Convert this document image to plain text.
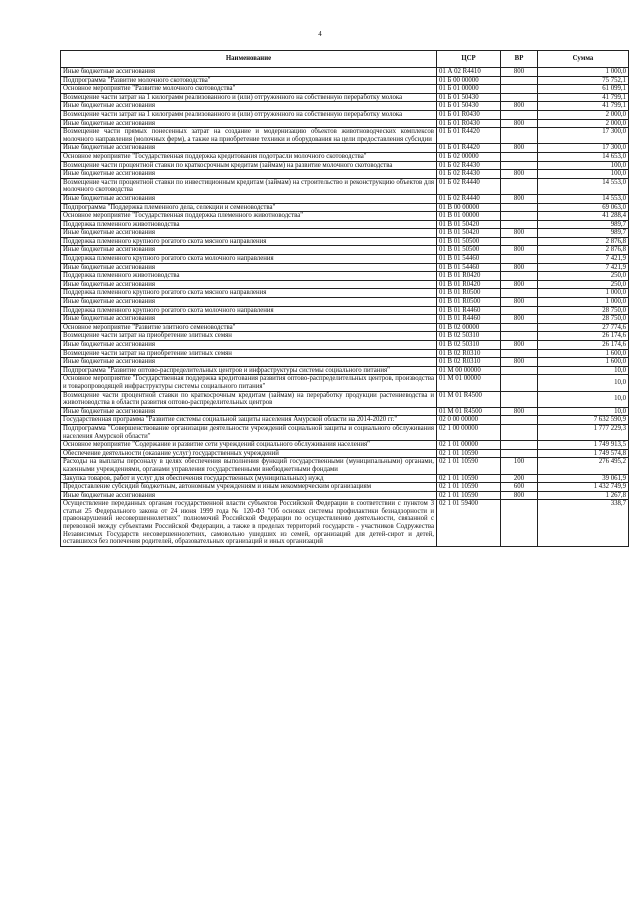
4
Наименование	ЦСР	ВР	Сумма
Иные бюджетные ассигнования	01 А 02 R4410	800	1 000,0
Подпрограмма "Развитие молочного скотоводства"	01 Б 00 00000		75 752,1
Основное мероприятие "Развитие молочного скотоводства"	01 Б 01 00000		61 099,1
Возмещение части затрат на 1 килограмм реализованного и (или) отгруженного на собственную переработку молока	01 Б 01 50430		41 799,1
Иные бюджетные ассигнования	01 Б 01 50430	800	41 799,1
Возмещение части затрат на 1 килограмм реализованного и (или) отгруженного на собственную переработку молока	01 Б 01 R0430		2 000,0
Иные бюджетные ассигнования	01 Б 01 R0430	800	2 000,0
Возмещение части прямых понесенных затрат на создание и модернизацию объектов животноводческих комплексов молочного направления (молочных ферм), а также на приобретение техники и оборудования на цели предоставления субсидии	01 Б 01 R4420		17 300,0
Иные бюджетные ассигнования	01 Б 01 R4420	800	17 300,0
Основное мероприятие "Государственная поддержка кредитования подотрасли молочного скотоводства"	01 Б 02 00000		14 653,0
Возмещение части процентной ставки по краткосрочным кредитам (займам) на развитие молочного скотоводства	01 Б 02 R4430		100,0
Иные бюджетные ассигнования	01 Б 02 R4430	800	100,0
Возмещение части процентной ставки по инвестиционным кредитам (займам) на строительство и реконструкцию объектов для молочного скотоводства	01 Б 02 R4440		14 553,0
Иные бюджетные ассигнования	01 Б 02 R4440	800	14 553,0
Подпрограмма "Поддержка племенного дела, селекции и семеноводства"	01 В 00 00000		69 063,0
Основное мероприятие "Государственная поддержка племенного животноводства"	01 В 01 00000		41 288,4
Поддержка племенного животноводства	01 В 01 50420		989,7
Иные бюджетные ассигнования	01 В 01 50420	800	989,7
Поддержка племенного крупного рогатого скота мясного направления	01 В 01 50500		2 876,8
Иные бюджетные ассигнования	01 В 01 50500	800	2 876,8
Поддержка племенного крупного рогатого скота молочного направления	01 В 01 54460		7 421,9
Иные бюджетные ассигнования	01 В 01 54460	800	7 421,9
Поддержка племенного животноводства	01 В 01 R0420		250,0
Иные бюджетные ассигнования	01 В 01 R0420	800	250,0
Поддержка племенного крупного рогатого скота мясного направления	01 В 01 R0500		1 000,0
Иные бюджетные ассигнования	01 В 01 R0500	800	1 000,0
Поддержка племенного крупного рогатого скота молочного направления	01 В 01 R4460		28 750,0
Иные бюджетные ассигнования	01 В 01 R4460	800	28 750,0
Основное мероприятие "Развитие элитного семеноводства"	01 В 02 00000		27 774,6
Возмещение части затрат на приобретение элитных семян	01 В 02 50310		26 174,6
Иные бюджетные ассигнования	01 В 02 50310	800	26 174,6
Возмещение части затрат на приобретение элитных семян	01 В 02 R0310		1 600,0
Иные бюджетные ассигнования	01 В 02 R0310	800	1 600,0
Подпрограмма "Развитие оптово-распределительных центров и инфраструктуры системы социального питания"	01 М 00 00000		10,0
Основное мероприятие "Государственная поддержка кредитования развития оптово-распределительных центров, производства и товаропроводящей инфраструктуры системы социального питания"	01 М 01 00000		10,0
Возмещение части процентной ставки по краткосрочным кредитам (займам) на переработку продукции растениеводства и животноводства в области развития оптово-распределительных центров	01 М 01 R4500		10,0
Иные бюджетные ассигнования	01 М 01 R4500	800	10,0
Государственная программа "Развитие системы социальной защиты населения Амурской области на 2014-2020 гг."	02 0 00 00000		7 632 590,9
Подпрограмма "Совершенствование организации деятельности учреждений социальной защиты и социального обслуживания населения Амурской области"	02 1 00 00000		1 777 229,3
Основное мероприятие "Содержание и развитие сети учреждений социального обслуживания населения"	02 1 01 00000		1 749 913,5
Обеспечение деятельности (оказание услуг) государственных учреждений	02 1 01 10590		1 749 574,8
Расходы на выплаты персоналу в целях обеспечения выполнения функций государственными (муниципальными) органами, казенными учреждениями, органами управления государственными внебюджетными фондами	02 1 01 10590	100	276 495,2
Закупка товаров, работ и услуг для обеспечения государственных (муниципальных) нужд	02 1 01 10590	200	39 061,9
Предоставление субсидий бюджетным, автономным учреждениям и иным некоммерческим организациям	02 1 01 10590	600	1 432 749,9
Иные бюджетные ассигнования	02 1 01 10590	800	1 267,8
Осуществление переданных органам государственной власти субъектов Российской Федерации в соответствии с пунктом 3 статьи 25 Федерального закона от 24 июня 1999 года № 120-ФЗ "Об основах системы профилактики безнадзорности и правонарушений несовершеннолетних" полномочий Российской Федерации по осуществлению деятельности, связанной с перевозкой между субъектами Российской Федерации, а также в пределах территорий государств - участников Содружества Независимых Государств несовершеннолетних, самовольно ушедших из семей, организаций для детей-сирот и детей, оставшихся без попечения родителей, образовательных организаций и иных организаций	02 1 01 59400		338,7
